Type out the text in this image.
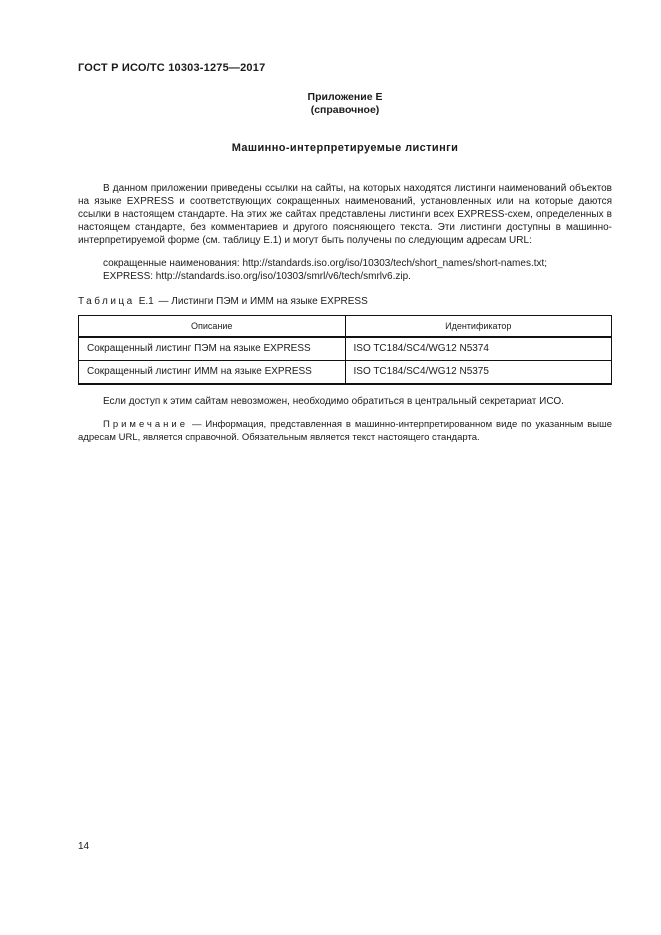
ГОСТ Р ИСО/ТС 10303-1275—2017

Приложение Е
(справочное)
Машинно-интерпретируемые листинги

В данном приложении приведены ссылки на сайты, на которых находятся листинги наименований объектов на языке EXPRESS и соответствующих сокращенных наименований, установленных или на которые даются ссылки в настоящем стандарте. На этих же сайтах представлены листинги всех EXPRESS-схем, определенных в настоящем стандарте, без комментариев и другого поясняющего текста. Эти листинги доступны в машинно-интерпретируемой форме (см. таблицу Е.1) и могут быть получены по следующим адресам URL:

сокращенные наименования: http://standards.iso.org/iso/10303/tech/short_names/short-names.txt;
EXPRESS: http://standards.iso.org/iso/10303/smrl/v6/tech/smrlv6.zip.
Таблица Е.1 — Листинги ПЭМ и ИММ на языке EXPRESS
Описание	Идентификатор
Сокращенный листинг ПЭМ на языке EXPRESS	ISO TC184/SC4/WG12 N5374
Сокращенный листинг ИММ на языке EXPRESS	ISO TC184/SC4/WG12 N5375

Если доступ к этим сайтам невозможен, необходимо обратиться в центральный секретариат ИСО.

Примечание — Информация, представленная в машинно-интерпретированном виде по указанным выше адресам URL, является справочной. Обязательным является текст настоящего стандарта.

14
